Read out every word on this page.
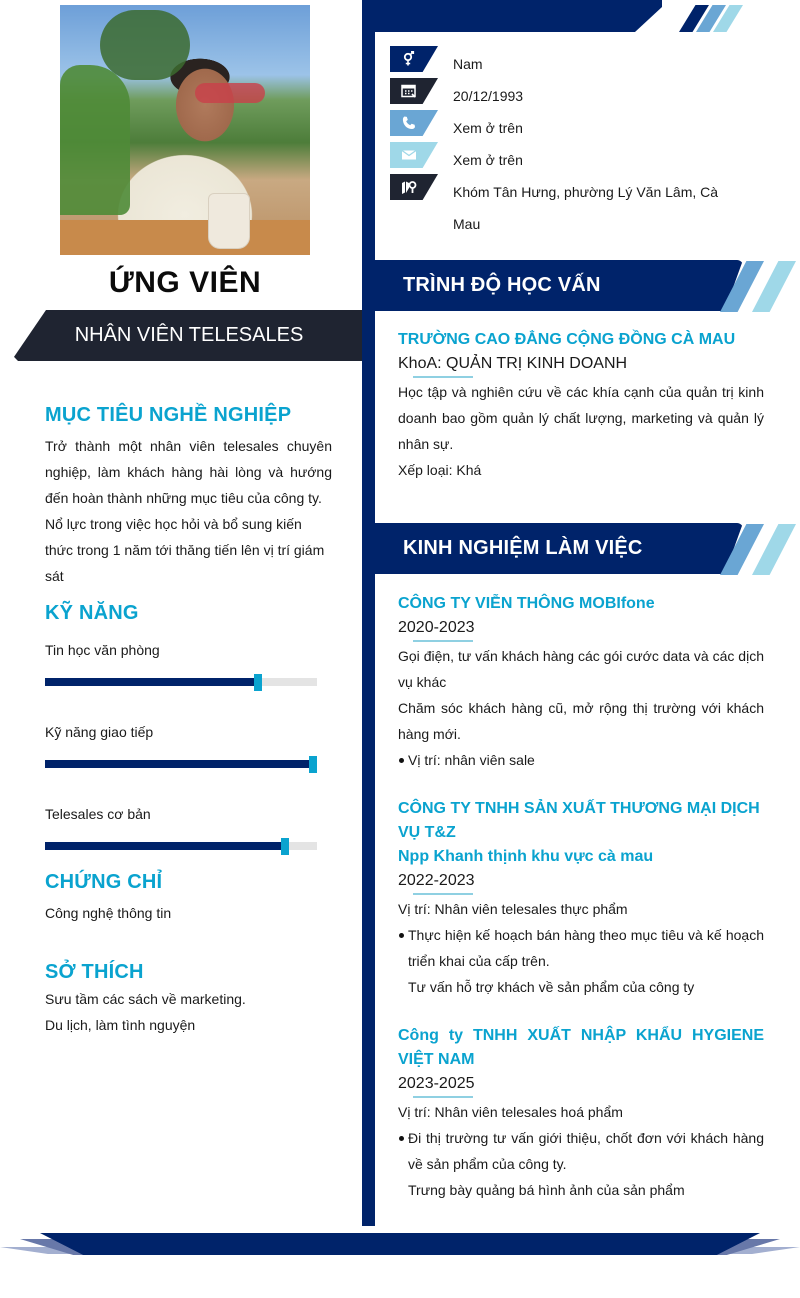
ỨNG VIÊN
NHÂN VIÊN TELESALES
MỤC TIÊU NGHỀ NGHIỆP
Trở thành một nhân viên telesales chuyên nghiệp, làm khách hàng hài lòng và hướng đến hoàn thành những mục tiêu của công ty.
Nổ lực trong việc học hỏi và bổ sung kiến thức trong 1 năm tới thăng tiến lên vị trí giám sát
KỸ NĂNG
Tin học văn phòng
Kỹ năng giao tiếp
Telesales cơ bản
CHỨNG CHỈ
Công nghệ thông tin
SỞ THÍCH
Sưu tầm các sách về marketing.
Du lịch, làm tình nguyện
Nam
20/12/1993
Xem ở trên
Xem ở trên
Khóm Tân Hưng, phường Lý Văn Lâm, Cà Mau
TRÌNH ĐỘ HỌC VẤN
TRƯỜNG CAO ĐẲNG CỘNG ĐỒNG CÀ MAU
KhoA: QUẢN TRỊ KINH DOANH
Học tập và nghiên cứu về các khía cạnh của quản trị kinh doanh bao gồm quản lý chất lượng, marketing và quản lý nhân sự.
Xếp loại: Khá
KINH NGHIỆM LÀM VIỆC
CÔNG TY VIỄN THÔNG MOBIfone
2020-2023
Gọi điện, tư vấn khách hàng các gói cước data và các dịch vụ khác
Chăm sóc khách hàng cũ, mở rộng thị trường với khách hàng mới.
Vị trí: nhân viên sale
CÔNG TY TNHH SẢN XUẤT THƯƠNG MẠI DỊCH VỤ T&Z
Npp Khanh thịnh khu vực cà mau
2022-2023
Vị trí: Nhân viên telesales thực phẩm
Thực hiện kế hoạch bán hàng theo mục tiêu và kế hoạch triển khai của cấp trên.
Tư vấn hỗ trợ khách về sản phẩm của công ty
Công ty TNHH XUẤT NHẬP KHẨU HYGIENE VIỆT NAM
2023-2025
Vị trí: Nhân viên telesales hoá phẩm
Đi thị trường tư vấn giới thiệu, chốt đơn với khách hàng về sản phẩm của công ty.
Trưng bày quảng bá hình ảnh của sản phẩm
